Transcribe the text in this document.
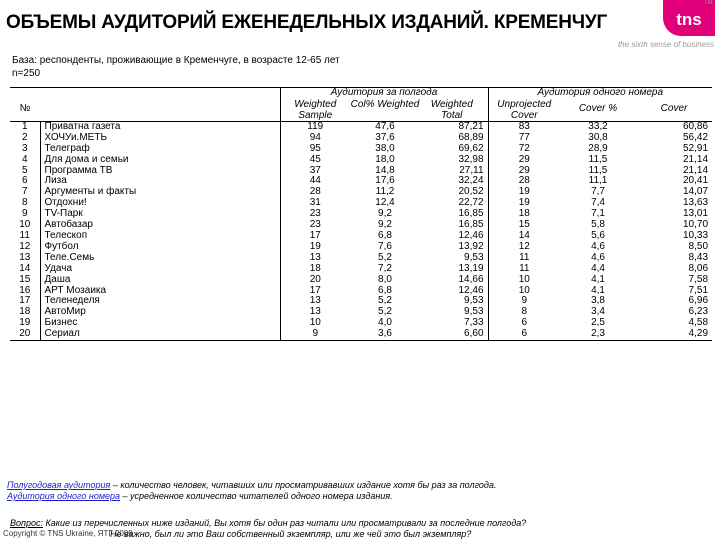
ОБЪЕМЫ АУДИТОРИЙ ЕЖЕНЕДЕЛЬНЫХ ИЗДАНИЙ. КРЕМЕНЧУГ	tns
TM
the sixth sense of business
База: респонденты, проживающие в Кременчуге, в возрасте 12-65 лет
n=250
		Аудитория за полгода			Аудитория одного номера		
№		Weighted Sample	Col% Weighted	Weighted Total	Unprojected Cover	Cover %	Cover
1	Приватна газета	119	47,6	87,21	83	33,2	60,86
2	ХОЧУи.МЕТЬ	94	37,6	68,89	77	30,8	56,42
3	Телеграф	95	38,0	69,62	72	28,9	52,91
4	Для дома и семьи	45	18,0	32,98	29	11,5	21,14
5	Программа ТВ	37	14,8	27,11	29	11,5	21,14
6	Лиза	44	17,6	32,24	28	11,1	20,41
7	Аргументы и факты	28	11,2	20,52	19	7,7	14,07
8	Отдохни!	31	12,4	22,72	19	7,4	13,63
9	TV-Парк	23	9,2	16,85	18	7,1	13,01
10	Автобазар	23	9,2	16,85	15	5,8	10,70
11	Телескоп	17	6,8	12,46	14	5,6	10,33
12	Футбол	19	7,6	13,92	12	4,6	8,50
13	Теле.Семь	13	5,2	9,53	11	4,6	8,43
14	Удача	18	7,2	13,19	11	4,4	8,06
15	Даша	20	8,0	14,66	10	4,1	7,58
16	АРТ Мозаика	17	6,8	12,46	10	4,1	7,51
17	Теленеделя	13	5,2	9,53	9	3,8	6,96
18	АвтоМир	13	5,2	9,53	8	3,4	6,23
19	Бизнес	10	4,0	7,33	6	2,5	4,58
20	Сериал	9	3,6	6,60	6	2,3	4,29
Полугодовая аудитория – количество человек, читавших или просматривавших издание хотя бы раз за полгода.
Аудитория одного номера – усредненное количество читателей одного номера издания.
Вопрос: Какие из перечисленных ниже изданий, Вы хотя бы один раз читали или просматривали за последние полгода?
Не важно, был ли это Ваш собственный экземпляр, или же чей это был экземпляр?
Copyright © TNS Ukraine, ЯТГ 2009
